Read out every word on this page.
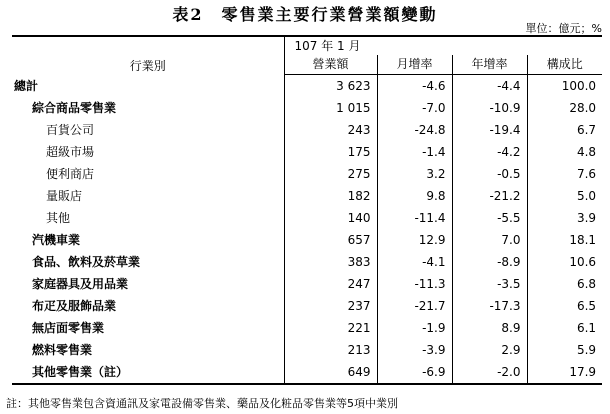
表2　零售業主要行業營業額變動
單位：億元；%
行業別	107 年 1 月			
	營業額	月增率	年增率	構成比
總計	3 623	-4.6	-4.4	100.0
綜合商品零售業	1 015	-7.0	-10.9	28.0
百貨公司	243	-24.8	-19.4	6.7
超級市場	175	-1.4	-4.2	4.8
便利商店	275	3.2	-0.5	7.6
量販店	182	9.8	-21.2	5.0
其他	140	-11.4	-5.5	3.9
汽機車業	657	12.9	7.0	18.1
食品、飲料及菸草業	383	-4.1	-8.9	10.6
家庭器具及用品業	247	-11.3	-3.5	6.8
布疋及服飾品業	237	-21.7	-17.3	6.5
無店面零售業	221	-1.9	8.9	6.1
燃料零售業	213	-3.9	2.9	5.9
其他零售業（註）	649	-6.9	-2.0	17.9
註：其他零售業包含資通訊及家電設備零售業、藥品及化粧品零售業等5項中業別
